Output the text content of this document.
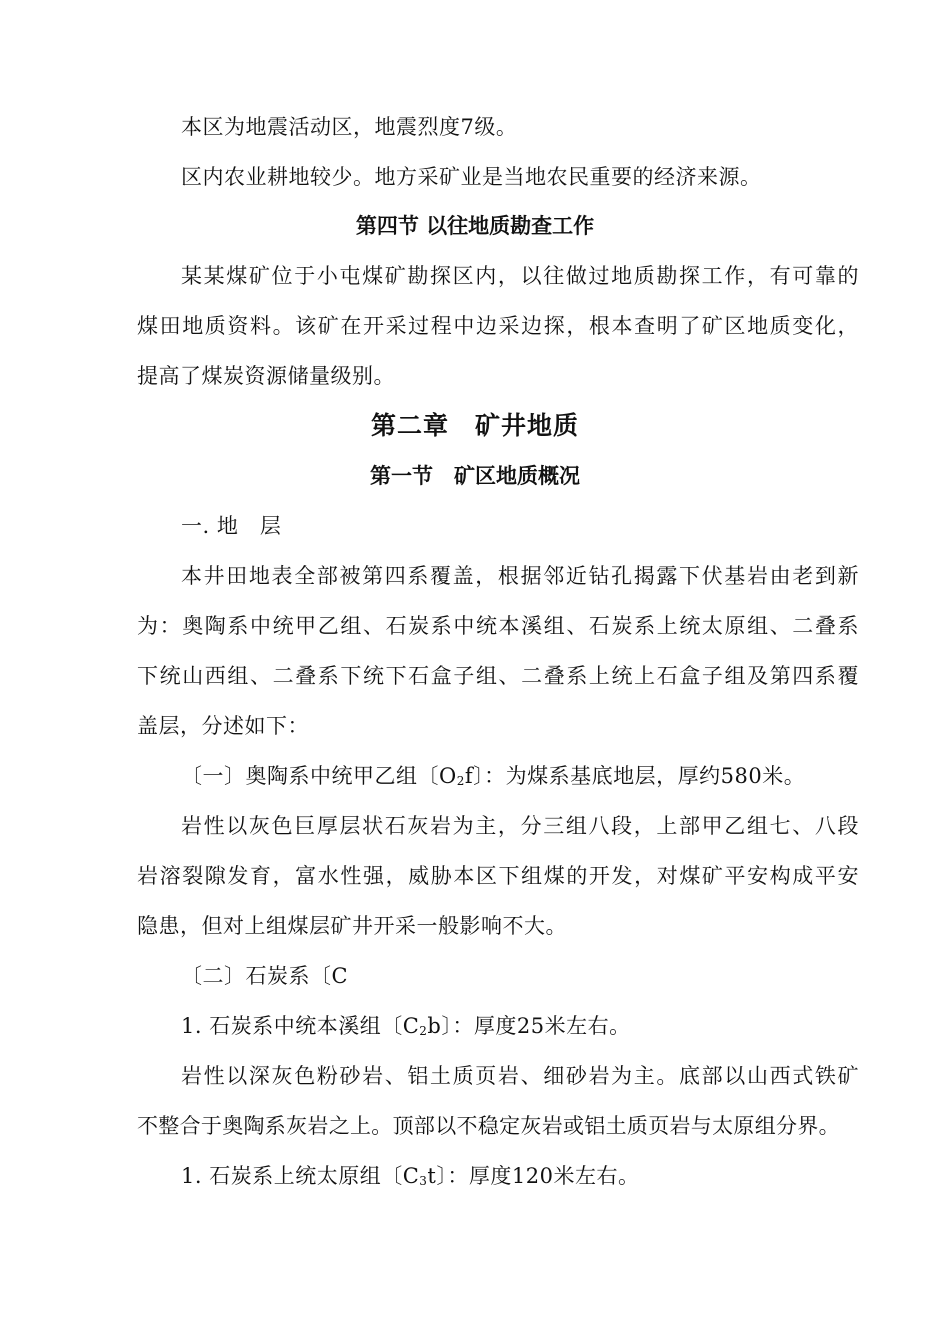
本区为地震活动区，地震烈度7级。
区内农业耕地较少。地方采矿业是当地农民重要的经济来源。
第四节 以往地质勘查工作
某某煤矿位于小屯煤矿勘探区内，以往做过地质勘探工作，有可靠的
煤田地质资料。该矿在开采过程中边采边探，根本查明了矿区地质变化，
提高了煤炭资源储量级别。
第二章　矿井地质
第一节　矿区地质概况
一. 地　层
本井田地表全部被第四系覆盖，根据邻近钻孔揭露下伏基岩由老到新
为：奥陶系中统甲乙组、石炭系中统本溪组、石炭系上统太原组、二叠系
下统山西组、二叠系下统下石盒子组、二叠系上统上石盒子组及第四系覆
盖层，分述如下：
〔一〕奥陶系中统甲乙组〔$O_2f$〕：为煤系基底地层，厚约580米。
岩性以灰色巨厚层状石灰岩为主，分三组八段，上部甲乙组七、八段
岩溶裂隙发育，富水性强，威胁本区下组煤的开发，对煤矿平安构成平安
隐患，但对上组煤层矿井开采一般影响不大。
〔二〕石炭系〔C
1. 石炭系中统本溪组〔$C_2b$〕：厚度25米左右。
岩性以深灰色粉砂岩、铝土质页岩、细砂岩为主。底部以山西式铁矿
不整合于奥陶系灰岩之上。顶部以不稳定灰岩或铝土质页岩与太原组分界。
1. 石炭系上统太原组〔$C_3t$〕：厚度120米左右。
